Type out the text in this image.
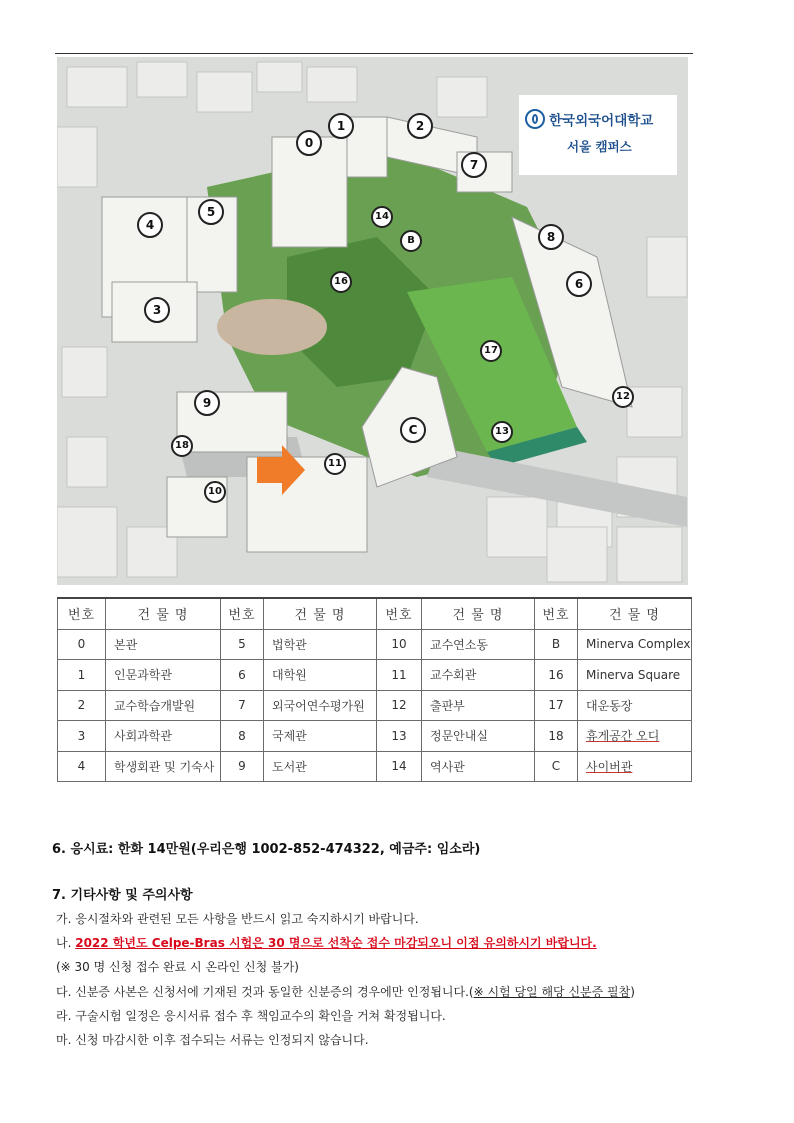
한국외국어대학교
서울 캠퍼스
0
1	2
7
4
5	14
B	8
16	6
3
17
9	12
C	13
18
11
10
번호	건 물 명	번호	건 물 명	번호	건 물 명	번호	건 물 명
0	본관	5	법학관	10	교수연소동	B	Minerva Complex
1	인문과학관	6	대학원	11	교수회관	16	Minerva Square
2	교수학습개발원	7	외국어연수평가원	12	출판부	17	대운동장
3	사회과학관	8	국제관	13	정문안내실	18	휴게공간 오디
4	학생회관 및 기숙사	9	도서관	14	역사관	C	사이버관
6. 응시료: 한화 14만원(우리은행 1002-852-474322, 예금주: 임소라)
7. 기타사항 및 주의사항
가. 응시절차와 관련된 모든 사항을 반드시 읽고 숙지하시기 바랍니다.
나. 2022 학년도 Celpe-Bras 시험은 30 명으로 선착순 접수 마감되오니 이점 유의하시기 바랍니다.
(※ 30 명 신청 접수 완료 시 온라인 신청 불가)
다. 신분증 사본은 신청서에 기재된 것과 동일한 신분증의 경우에만 인정됩니다.(※ 시험 당일 해당 신분증 필참)
라. 구술시험 일정은 응시서류 접수 후 책임교수의 확인을 거쳐 확정됩니다.
마. 신청 마감시한 이후 접수되는 서류는 인정되지 않습니다.
